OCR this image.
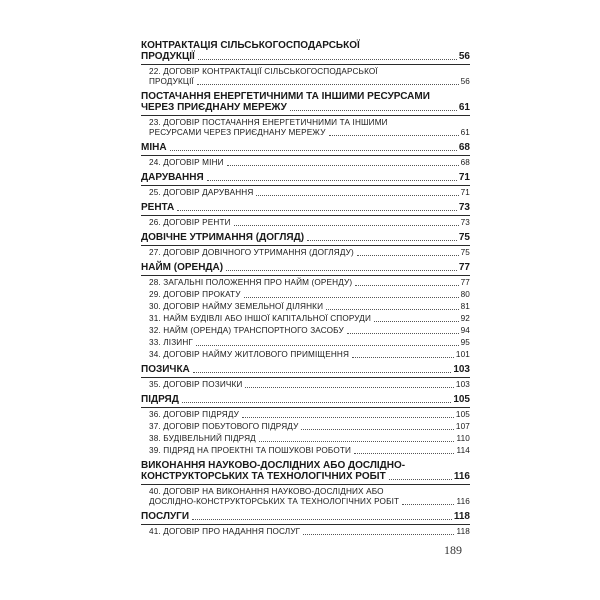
КОНТРАКТАЦІЯ СІЛЬСЬКОГОСПОДАРСЬКОЇ
ПРОДУКЦІЇ	56
22. ДОГОВІР КОНТРАКТАЦІЇ СІЛЬСЬКОГОСПОДАРСЬКОЇ
ПРОДУКЦІЇ	56
ПОСТАЧАННЯ ЕНЕРГЕТИЧНИМИ ТА ІНШИМИ РЕСУРСАМИ
ЧЕРЕЗ ПРИЄДНАНУ МЕРЕЖУ	61
23. ДОГОВІР ПОСТАЧАННЯ ЕНЕРГЕТИЧНИМИ ТА ІНШИМИ
РЕСУРСАМИ ЧЕРЕЗ ПРИЄДНАНУ МЕРЕЖУ	61
МІНА	68
24. ДОГОВІР МІНИ	68
ДАРУВАННЯ	71
25. ДОГОВІР ДАРУВАННЯ	71
РЕНТА	73
26. ДОГОВІР РЕНТИ	73
ДОВІЧНЕ УТРИМАННЯ (ДОГЛЯД)	75
27. ДОГОВІР ДОВІЧНОГО УТРИМАННЯ (ДОГЛЯДУ)	75
НАЙМ (ОРЕНДА)	77
28. ЗАГАЛЬНІ ПОЛОЖЕННЯ ПРО НАЙМ (ОРЕНДУ)	77
29. ДОГОВІР ПРОКАТУ	80
30. ДОГОВІР НАЙМУ ЗЕМЕЛЬНОЇ ДІЛЯНКИ	81
31. НАЙМ БУДІВЛІ АБО ІНШОЇ КАПІТАЛЬНОЇ СПОРУДИ	92
32. НАЙМ (ОРЕНДА) ТРАНСПОРТНОГО ЗАСОБУ	94
33. ЛІЗИНГ	95
34. ДОГОВІР НАЙМУ ЖИТЛОВОГО ПРИМІЩЕННЯ	101
ПОЗИЧКА	103
35. ДОГОВІР ПОЗИЧКИ	103
ПІДРЯД	105
36. ДОГОВІР ПІДРЯДУ	105
37. ДОГОВІР ПОБУТОВОГО ПІДРЯДУ	107
38. БУДІВЕЛЬНИЙ ПІДРЯД	110
39. ПІДРЯД НА ПРОЕКТНІ ТА ПОШУКОВІ РОБОТИ	114
ВИКОНАННЯ НАУКОВО-ДОСЛІДНИХ АБО ДОСЛІДНО-
КОНСТРУКТОРСЬКИХ ТА ТЕХНОЛОГІЧНИХ РОБІТ	116
40. ДОГОВІР НА ВИКОНАННЯ НАУКОВО-ДОСЛІДНИХ АБО
ДОСЛІДНО-КОНСТРУКТОРСЬКИХ ТА ТЕХНОЛОГІЧНИХ РОБІТ	116
ПОСЛУГИ	118
41. ДОГОВІР ПРО НАДАННЯ ПОСЛУГ	118
189
